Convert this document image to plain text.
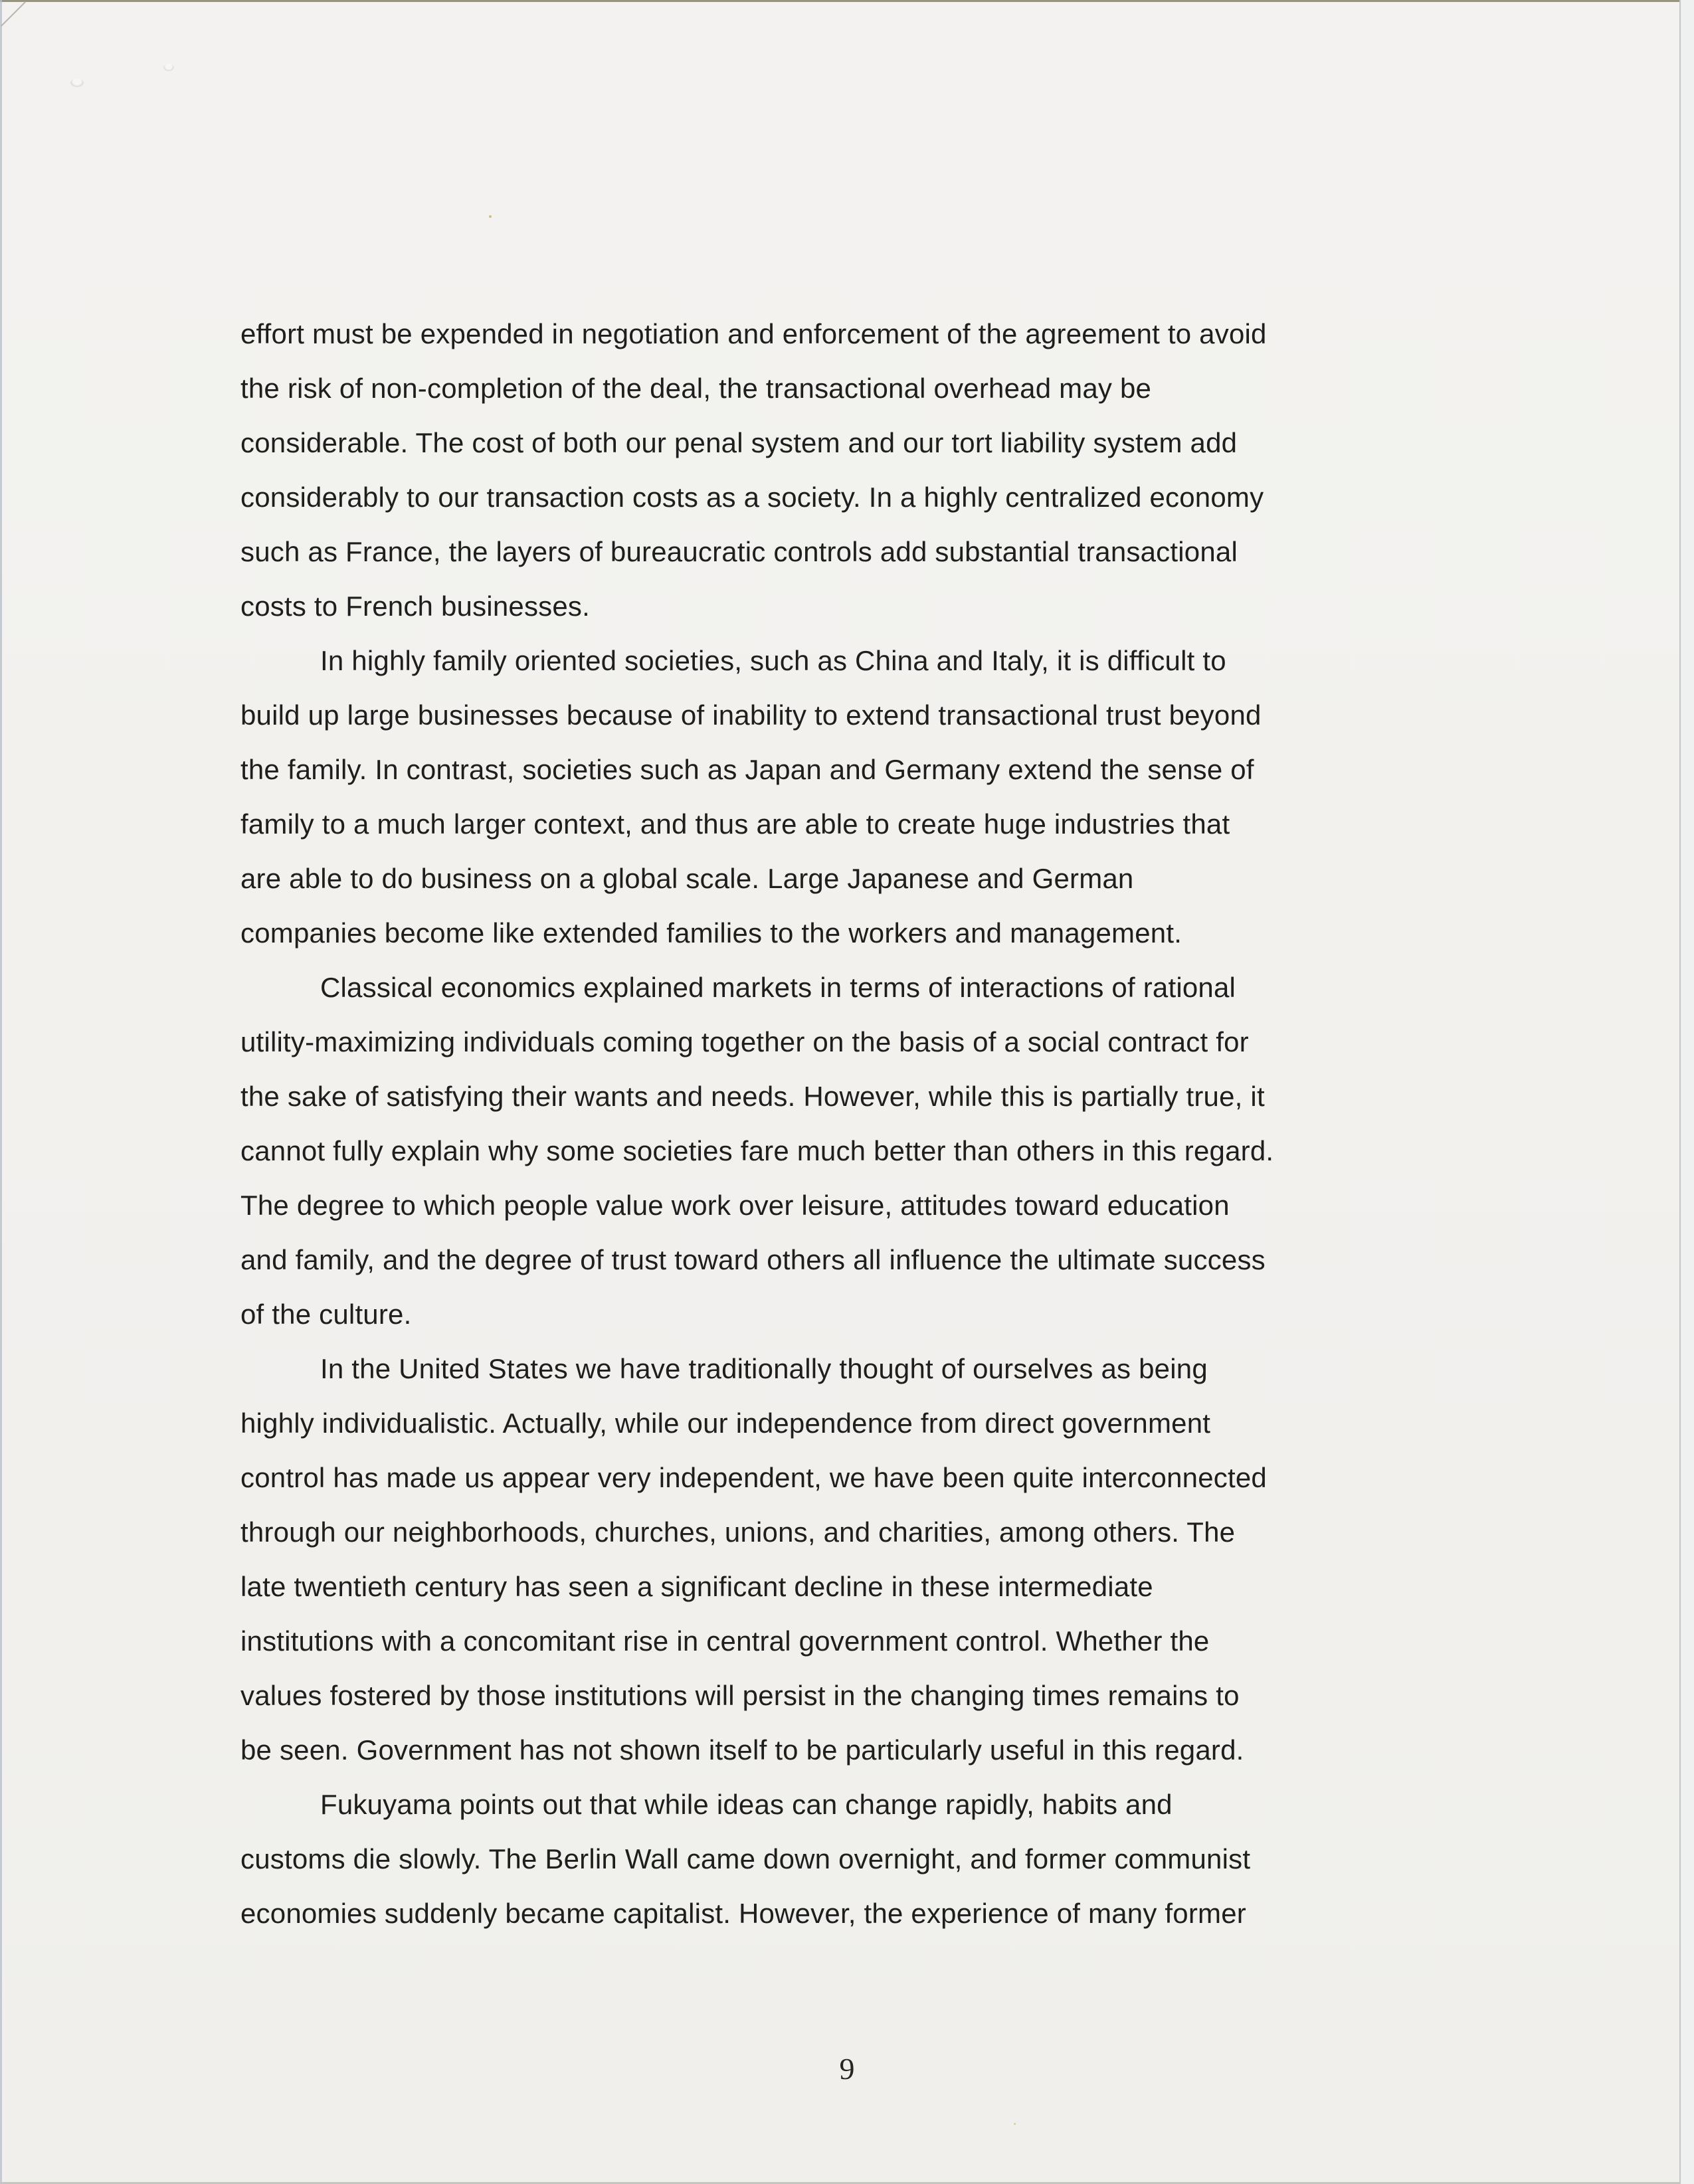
effort must be expended in negotiation and enforcement of the agreement to avoid
the risk of non-completion of the deal, the transactional overhead may be
considerable. The cost of both our penal system and our tort liability system add
considerably to our transaction costs as a society. In a highly centralized economy
such as France, the layers of bureaucratic controls add substantial transactional
costs to French businesses.

In highly family oriented societies, such as China and Italy, it is difficult to
build up large businesses because of inability to extend transactional trust beyond
the family. In contrast, societies such as Japan and Germany extend the sense of
family to a much larger context, and thus are able to create huge industries that
are able to do business on a global scale. Large Japanese and German
companies become like extended families to the workers and management.

Classical economics explained markets in terms of interactions of rational
utility-maximizing individuals coming together on the basis of a social contract for
the sake of satisfying their wants and needs. However, while this is partially true, it
cannot fully explain why some societies fare much better than others in this regard.
The degree to which people value work over leisure, attitudes toward education
and family, and the degree of trust toward others all influence the ultimate success
of the culture.

In the United States we have traditionally thought of ourselves as being
highly individualistic. Actually, while our independence from direct government
control has made us appear very independent, we have been quite interconnected
through our neighborhoods, churches, unions, and charities, among others. The
late twentieth century has seen a significant decline in these intermediate
institutions with a concomitant rise in central government control. Whether the
values fostered by those institutions will persist in the changing times remains to
be seen. Government has not shown itself to be particularly useful in this regard.

Fukuyama points out that while ideas can change rapidly, habits and
customs die slowly. The Berlin Wall came down overnight, and former communist
economies suddenly became capitalist. However, the experience of many former

9
